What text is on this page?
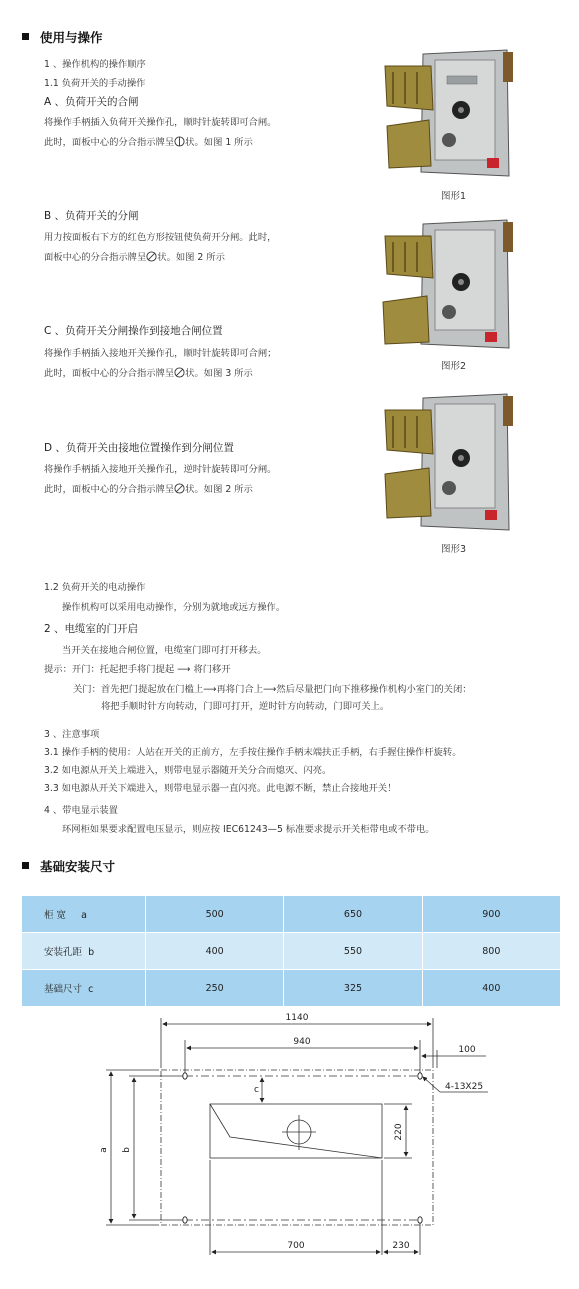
使用与操作
1 、操作机构的操作顺序
1.1 负荷开关的手动操作
A 、负荷开关的合闸
将操作手柄插入负荷开关操作孔，顺时针旋转即可合闸。
此时，面板中心的分合指示牌呈 状。如图 1 所示
图形1
B 、负荷开关的分闸
用力按面板右下方的红色方形按钮使负荷开分闸。此时，
面板中心的分合指示牌呈 状。如图 2 所示
图形2
C 、负荷开关分闸操作到接地合闸位置
将操作手柄插入接地开关操作孔，顺时针旋转即可合闸；
此时，面板中心的分合指示牌呈 状。如图 3 所示
图形3
D 、负荷开关由接地位置操作到分闸位置
将操作手柄插入接地开关操作孔，逆时针旋转即可分闸。
此时，面板中心的分合指示牌呈 状。如图 2 所示
1.2 负荷开关的电动操作
操作机构可以采用电动操作，分别为就地或远方操作。
2 、电缆室的门开启
当开关在接地合闸位置，电缆室门即可打开移去。
提示：开门：托起把手将门提起 ⟶ 将门移开
关门：首先把门提起放在门槛上⟶再将门合上⟶然后尽量把门向下推移操作机构小室门的关闭：
将把手顺时针方向转动，门即可打开，逆时针方向转动，门即可关上。
3 、注意事项
3.1 操作手柄的使用：人站在开关的正前方，左手按住操作手柄末端扶正手柄，右手握住操作杆旋转。
3.2 如电源从开关上端进入，则带电显示器随开关分合而熄灭、闪亮。
3.3 如电源从开关下端进入，则带电显示器一直闪亮。此电源不断，禁止合接地开关！
4 、带电显示装置
环网柜如果要求配置电压显示，则应按 IEC61243—5 标准要求提示开关柜带电或不带电。
基础安装尺寸
柜 宽 a	500	650	900
安装孔距 b	400	550	800
基础尺寸 c	250	325	400
1140
940
100
4-13X25
c
a b
220
700	230
